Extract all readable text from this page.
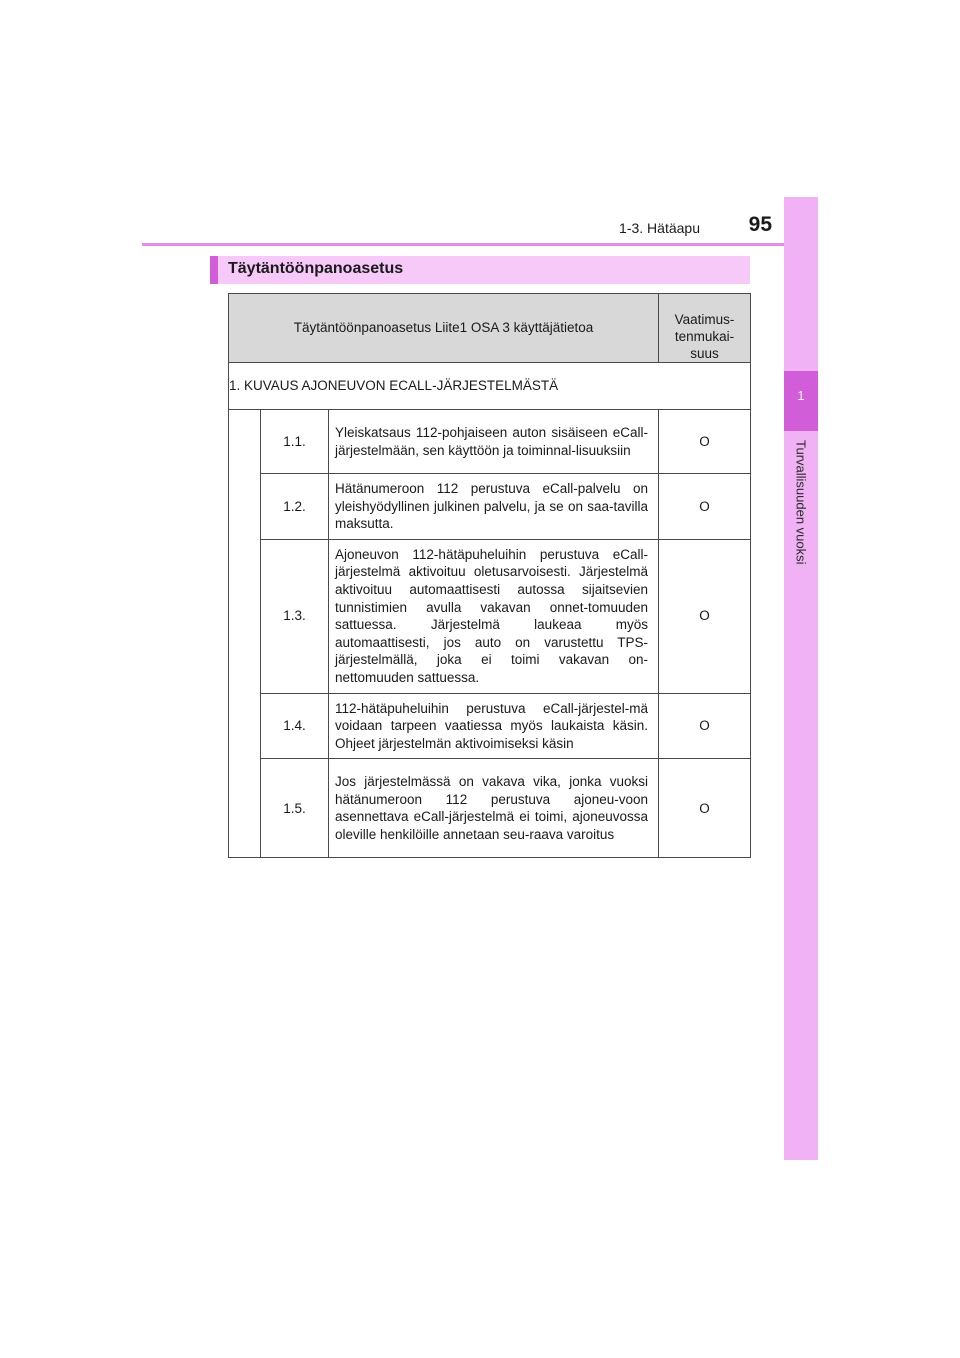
1-3. Hätäapu	95
1
Turvallisuuden vuoksi
Täytäntöönpanoasetus
Täytäntöönpanoasetus Liite1 OSA 3 käyttäjätietoa			Vaatimus-
tenmukai-
suus

1. KUVAUS AJONEUVON ECALL-JÄRJESTELMÄSTÄ			
	1.1.	Yleiskatsaus 112-pohjaiseen auton sisäiseen eCall-järjestelmään, sen käyttöön ja toiminnal-lisuuksiin	O
	1.2.	Hätänumeroon 112 perustuva eCall-palvelu on yleishyödyllinen julkinen palvelu, ja se on saa-tavilla maksutta.	O
	1.3.	Ajoneuvon 112-hätäpuheluihin perustuva eCall-järjestelmä aktivoituu oletusarvoisesti. Järjestelmä aktivoituu automaattisesti autossa sijaitsevien tunnistimien avulla vakavan onnet-tomuuden sattuessa. Järjestelmä laukeaa myös automaattisesti, jos auto on varustettu TPS-järjestelmällä, joka ei toimi vakavan on-nettomuuden sattuessa.	O
	1.4.	112-hätäpuheluihin perustuva eCall-järjestel-mä voidaan tarpeen vaatiessa myös laukaista käsin. Ohjeet järjestelmän aktivoimiseksi käsin	O
	1.5.	Jos järjestelmässä on vakava vika, jonka vuoksi hätänumeroon 112 perustuva ajoneu-voon asennettava eCall-järjestelmä ei toimi, ajoneuvossa oleville henkilöille annetaan seu-raava varoitus	O
